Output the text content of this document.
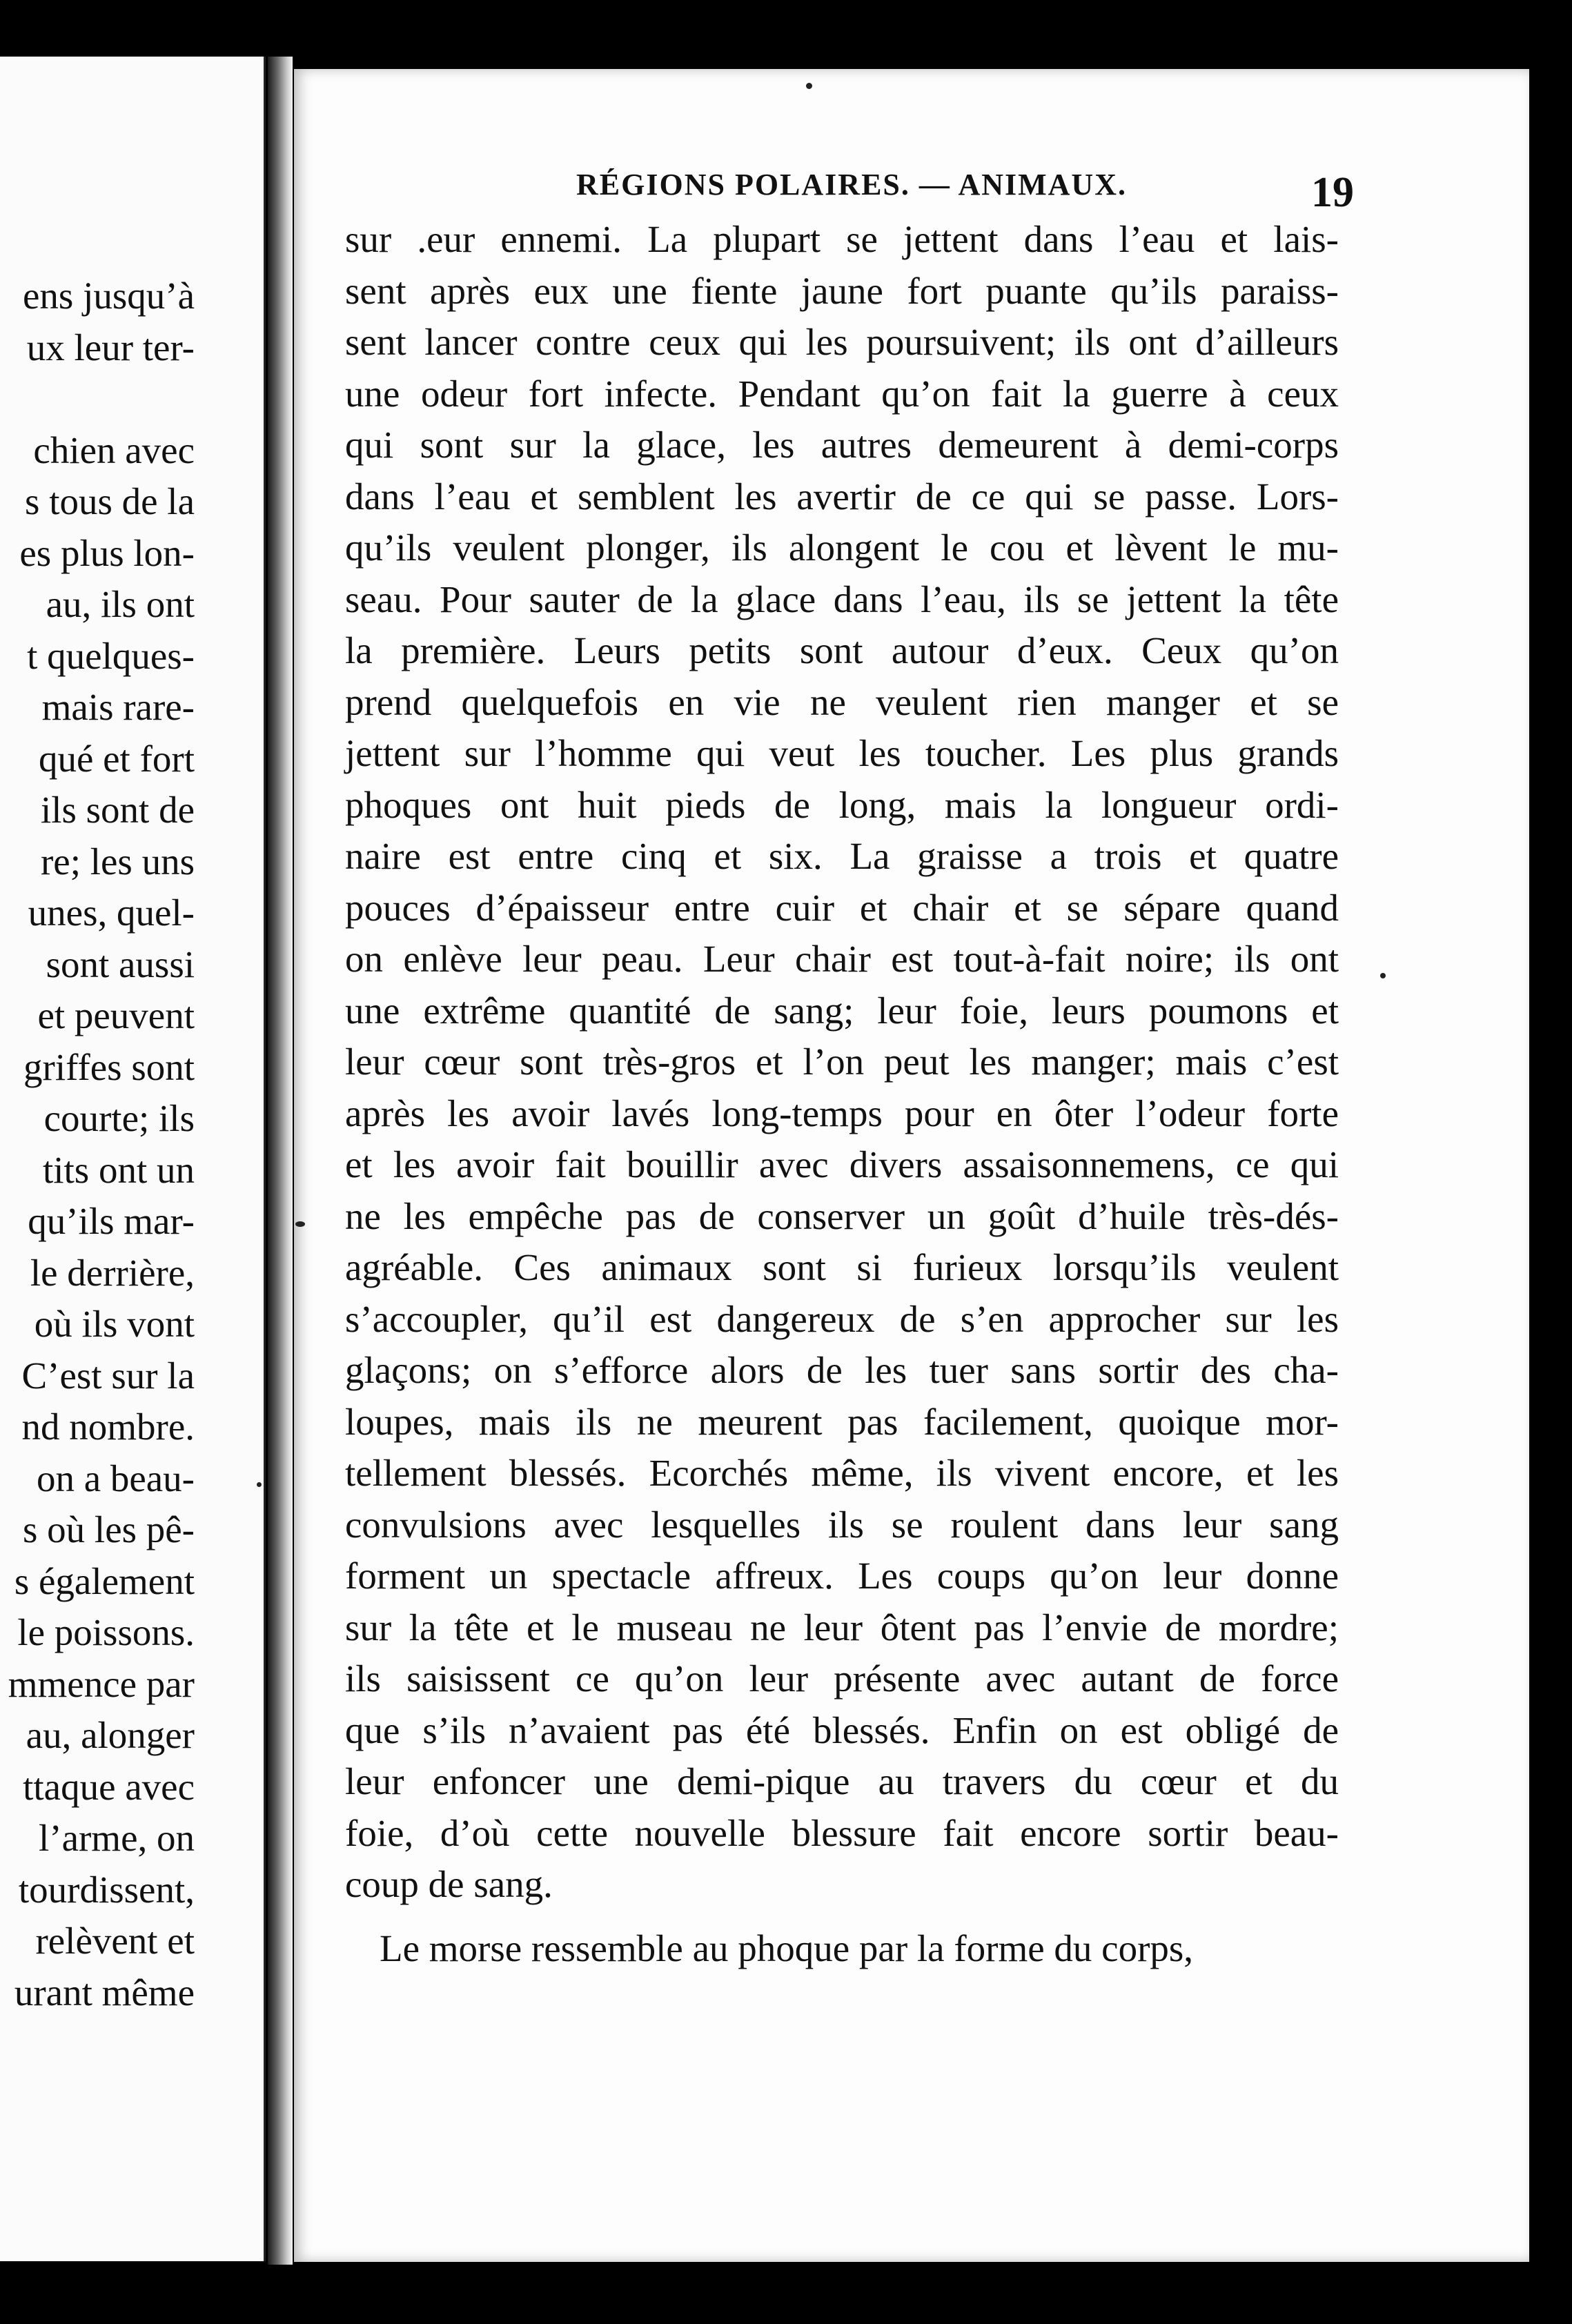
ens jusqu’à
ux leur ter-
chien avec
s tous de la
es plus lon-
au, ils ont
t quelques-
mais rare-
qué et fort
ils sont de
re; les uns
unes, quel-
sont aussi
et peuvent
griffes sont
courte; ils
tits ont un
qu’ils mar-
le derrière,
où ils vont
C’est sur la
nd nombre.
on a beau-
s où les pê-
s également
le poissons.
mmence par
au, alonger
ttaque avec
l’arme, on
tourdissent,
relèvent et
urant même
RÉGIONS POLAIRES. — ANIMAUX.	19
sur .eur ennemi. La plupart se jettent dans l’eau et lais-
sent après eux une fiente jaune fort puante qu’ils paraiss-
sent lancer contre ceux qui les poursuivent; ils ont d’ailleurs
une odeur fort infecte. Pendant qu’on fait la guerre à ceux
qui sont sur la glace, les autres demeurent à demi-corps
dans l’eau et semblent les avertir de ce qui se passe. Lors-
qu’ils veulent plonger, ils alongent le cou et lèvent le mu-
seau. Pour sauter de la glace dans l’eau, ils se jettent la tête
la première. Leurs petits sont autour d’eux. Ceux qu’on
prend quelquefois en vie ne veulent rien manger et se
jettent sur l’homme qui veut les toucher. Les plus grands
phoques ont huit pieds de long, mais la longueur ordi-
naire est entre cinq et six. La graisse a trois et quatre
pouces d’épaisseur entre cuir et chair et se sépare quand
on enlève leur peau. Leur chair est tout-à-fait noire; ils ont
une extrême quantité de sang; leur foie, leurs poumons et
leur cœur sont très-gros et l’on peut les manger; mais c’est
après les avoir lavés long-temps pour en ôter l’odeur forte
et les avoir fait bouillir avec divers assaisonnemens, ce qui
ne les empêche pas de conserver un goût d’huile très-dés-
agréable. Ces animaux sont si furieux lorsqu’ils veulent
s’accoupler, qu’il est dangereux de s’en approcher sur les
glaçons; on s’efforce alors de les tuer sans sortir des cha-
loupes, mais ils ne meurent pas facilement, quoique mor-
tellement blessés. Ecorchés même, ils vivent encore, et les
convulsions avec lesquelles ils se roulent dans leur sang
forment un spectacle affreux. Les coups qu’on leur donne
sur la tête et le museau ne leur ôtent pas l’envie de mordre;
ils saisissent ce qu’on leur présente avec autant de force
que s’ils n’avaient pas été blessés. Enfin on est obligé de
leur enfoncer une demi-pique au travers du cœur et du
foie, d’où cette nouvelle blessure fait encore sortir beau-
coup de sang.
Le morse ressemble au phoque par la forme du corps,
